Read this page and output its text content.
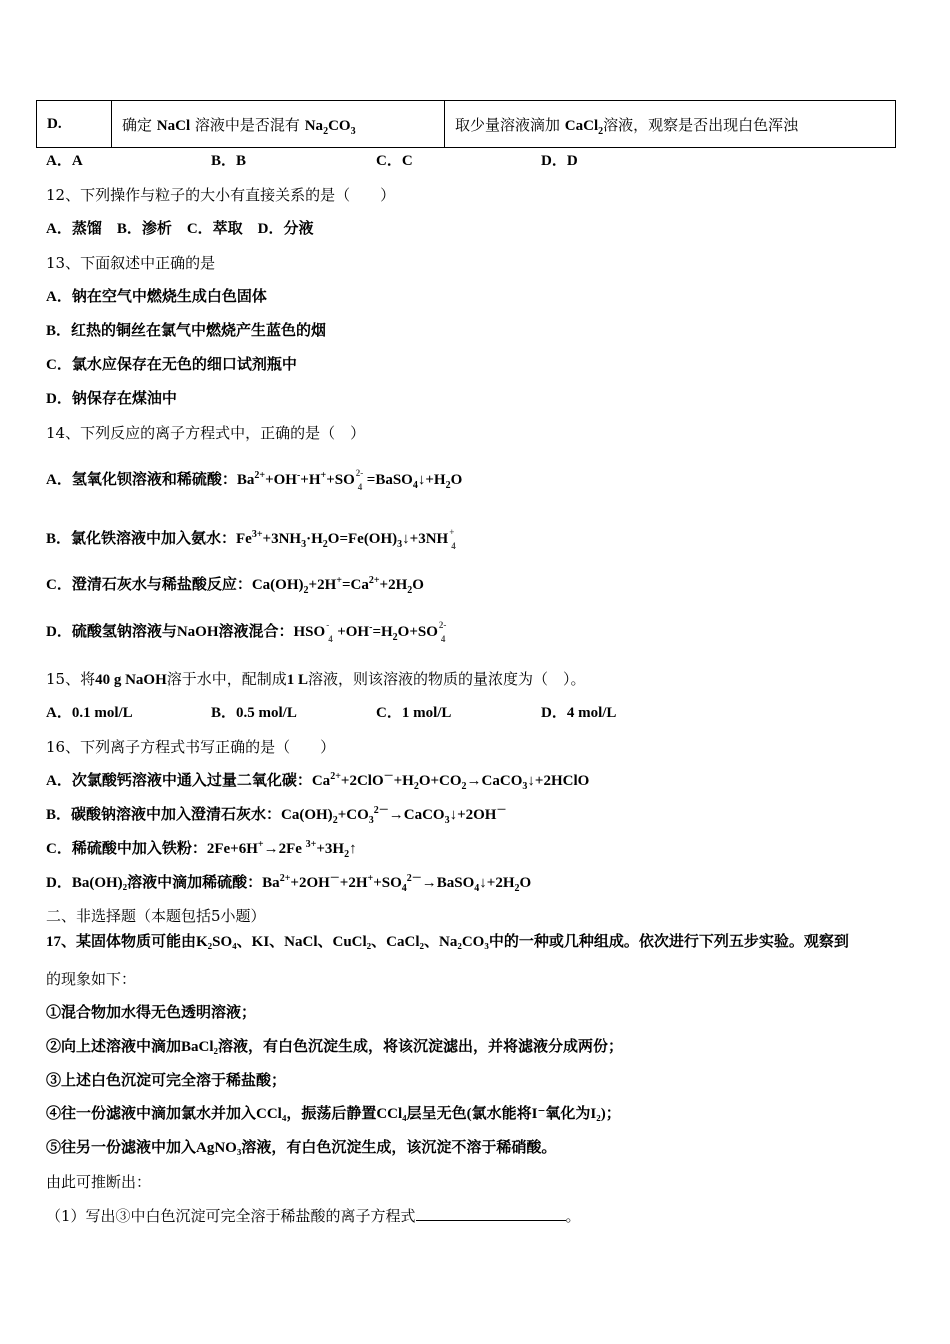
D.	确定 NaCl 溶液中是否混有 $Na_2CO_3$	取少量溶液滴加 CaCl$_2$溶液，观察是否出现白色浑浊
A．A	B．B	C．C	D．D
12、下列操作与粒子的大小有直接关系的是（　　）
A．蒸馏　B．渗析　C．萃取　D．分液
13、下面叙述中正确的是
A．钠在空气中燃烧生成白色固体
B．红热的铜丝在氯气中燃烧产生蓝色的烟
C．氯水应保存在无色的细口试剂瓶中
D．钠保存在煤油中
14、下列反应的离子方程式中，正确的是（　）
A．氢氧化钡溶液和稀硫酸：$Ba^{2+}+OH^-+H^++SO$ 2-
$4 =BaSO_4↓+H_2O$
B．氯化铁溶液中加入氨水：$Fe^{3+}+3NH_3\cdot H_2O=Fe(OH)_3↓+3NH$ +
4
C．澄清石灰水与稀盐酸反应：$Ca(OH)_2+2H^+=Ca^{2+}+2H_2O$
D．硫酸氢钠溶液与NaOH溶液混合：HSO -
$4 +OH^-=H_2O+SO$ 2-
4
15、将40 g NaOH溶于水中，配制成1 L溶液，则该溶液的物质的量浓度为（　）。
A．0.1 mol/L	B．0.5 mol/L	C．1 mol/L	D．4 mol/L
16、下列离子方程式书写正确的是（　　）
A．次氯酸钙溶液中通入过量二氧化碳：$Ca^{2+}+2ClO^-+H_2O+CO_2\to CaCO_3↓+2HClO$
B．碳酸钠溶液中加入澄清石灰水：$Ca(OH)_2+CO_3^{2-}\to CaCO_3↓+2OH^-$
C．稀硫酸中加入铁粉：2Fe+6H+→2Fe $^{3+}+3H_2↑$
D．Ba(OH)₂溶液中滴加稀硫酸：$Ba^{2+}+2OH^-+2H^++SO_4^{2-}\to BaSO_4↓+2H_2O$
二、非选择题（本题包括5小题）
17、某固体物质可能由K₂SO₄、KI、NaCl、CuCl₂、CaCl₂、Na₂CO₃中的一种或几种组成。依次进行下列五步实验。观察到
的现象如下：
①混合物加水得无色透明溶液；
②向上述溶液中滴加BaCl₂溶液，有白色沉淀生成，将该沉淀滤出，并将滤液分成两份；
③上述白色沉淀可完全溶于稀盐酸；
④往一份滤液中滴加氯水并加入CCl₄，振荡后静置CCl₄层呈无色(氯水能将I⁻氧化为I₂)；
⑤往另一份滤液中加入AgNO₃溶液，有白色沉淀生成，该沉淀不溶于稀硝酸。
由此可推断出：
（1）写出③中白色沉淀可完全溶于稀盐酸的离子方程式	。
